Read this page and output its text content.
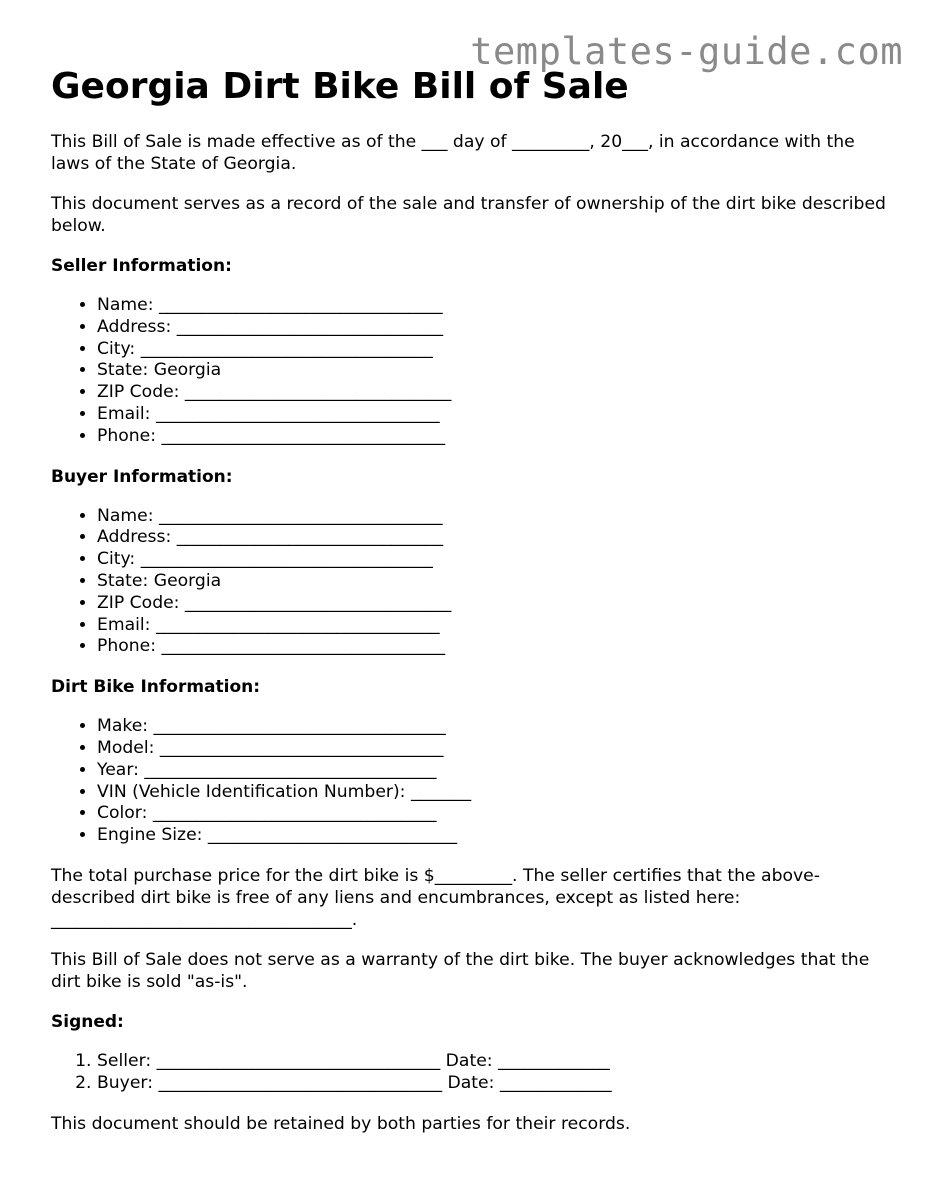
templates-guide.com
Georgia Dirt Bike Bill of Sale

This Bill of Sale is made effective as of the ___ day of _________, 20___, in accordance with the laws of the State of Georgia.

This document serves as a record of the sale and transfer of ownership of the dirt bike described below.

Seller Information:
• Name: _________________________________
• Address: _______________________________
• City: __________________________________
• State: Georgia
• ZIP Code: _______________________________
• Email: _________________________________
• Phone: _________________________________
Buyer Information:
• Name: _________________________________
• Address: _______________________________
• City: __________________________________
• State: Georgia
• ZIP Code: _______________________________
• Email: _________________________________
• Phone: _________________________________
Dirt Bike Information:
• Make: __________________________________
• Model: _________________________________
• Year: __________________________________
• VIN (Vehicle Identification Number): _______
• Color: _________________________________
• Engine Size: _____________________________

The total purchase price for the dirt bike is $_________. The seller certifies that the above-described dirt bike is free of any liens and encumbrances, except as listed here: ___________________________________.

This Bill of Sale does not serve as a warranty of the dirt bike. The buyer acknowledges that the dirt bike is sold "as-is".

Signed:
1. Seller: _________________________________ Date: _____________
2. Buyer: _________________________________ Date: _____________

This document should be retained by both parties for their records.
